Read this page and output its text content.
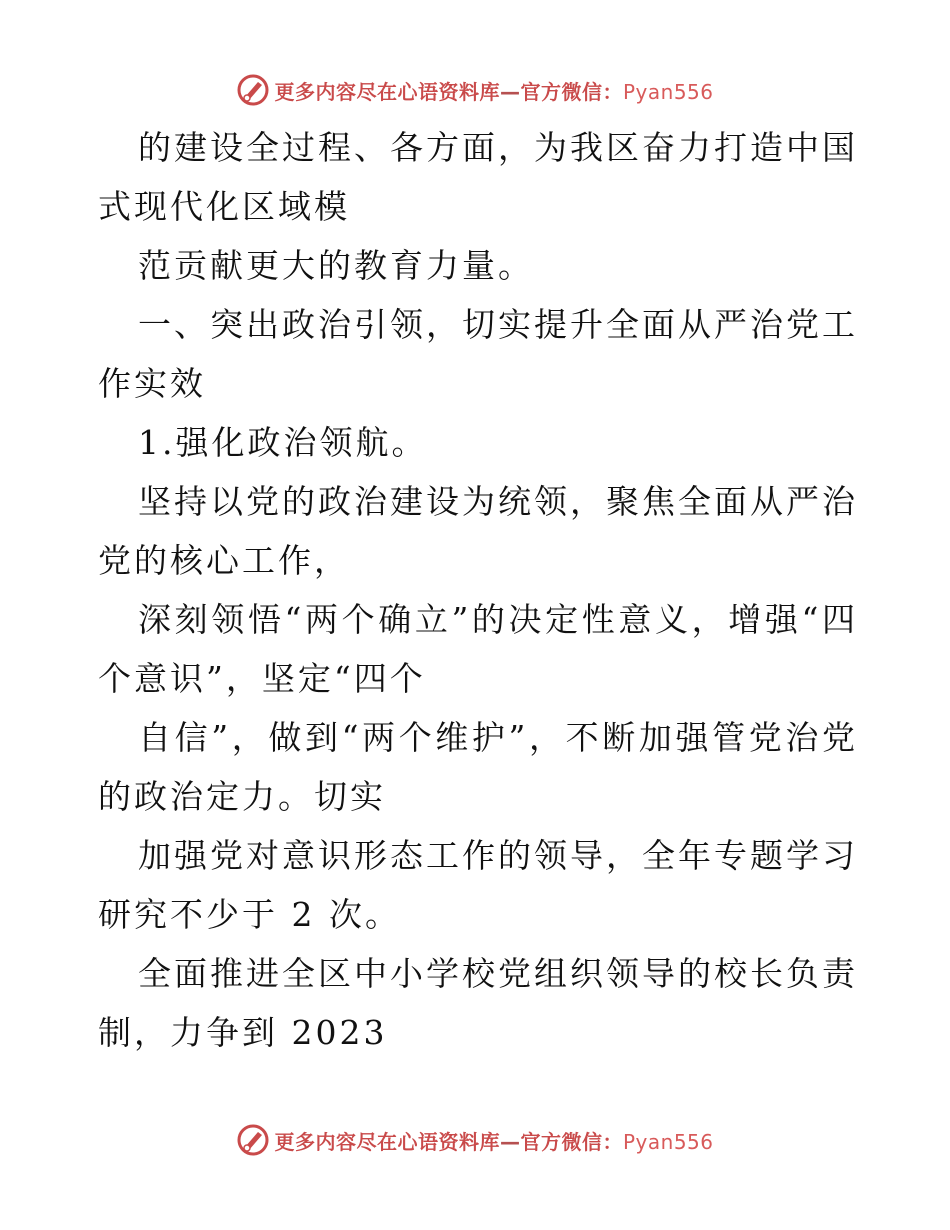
更多内容尽在心语资料库—官方微信：Pyan556

的建设全过程、各方面，为我区奋力打造中国式现代化区域模

范贡献更大的教育力量。

一、突出政治引领，切实提升全面从严治党工作实效

1.强化政治领航。

坚持以党的政治建设为统领，聚焦全面从严治党的核心工作，

深刻领悟“两个确立”的决定性意义，增强“四个意识”，坚定“四个

自信”，做到“两个维护”，不断加强管党治党的政治定力。切实

加强党对意识形态工作的领导，全年专题学习研究不少于 2 次。

全面推进全区中小学校党组织领导的校长负责制，力争到 2023

更多内容尽在心语资料库—官方微信：Pyan556
